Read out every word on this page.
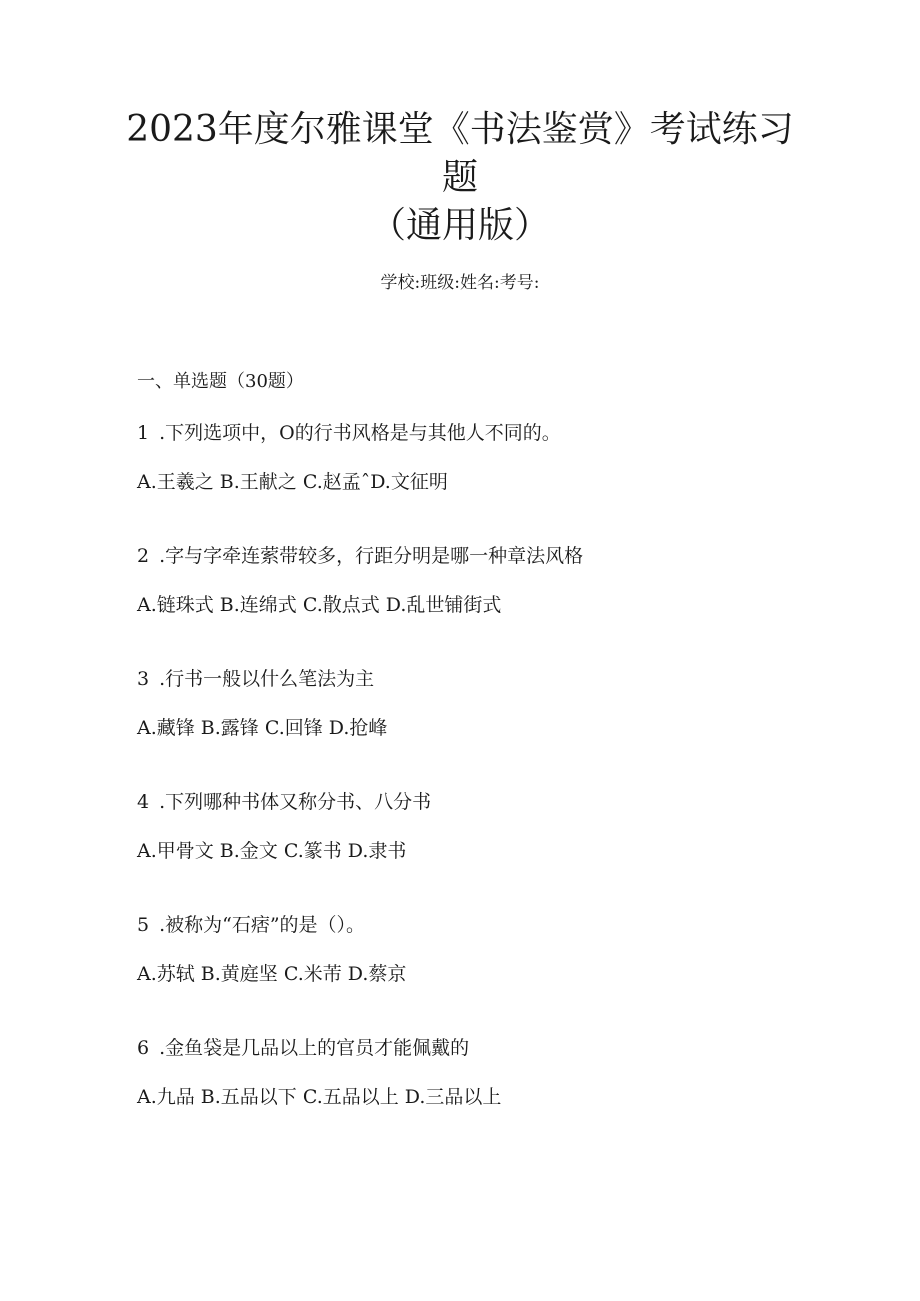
2023年度尔雅课堂《书法鉴赏》考试练习
题
（通用版）
学校:班级:姓名:考号:
一、单选题（30题）
1 .下列选项中，O的行书风格是与其他人不同的。
A.王羲之 B.王献之 C.赵孟ˆD.文征明
2 .字与字牵连萦带较多，行距分明是哪一种章法风格
A.链珠式 B.连绵式 C.散点式 D.乱世铺街式
3 .行书一般以什么笔法为主
A.藏锋 B.露锋 C.回锋 D.抢峰
4 .下列哪种书体又称分书、八分书
A.甲骨文 B.金文 C.篆书 D.隶书
5 .被称为“石痞”的是（）。
A.苏轼 B.黄庭坚 C.米芾 D.蔡京
6 .金鱼袋是几品以上的官员才能佩戴的
A.九品 B.五品以下 C.五品以上 D.三品以上
